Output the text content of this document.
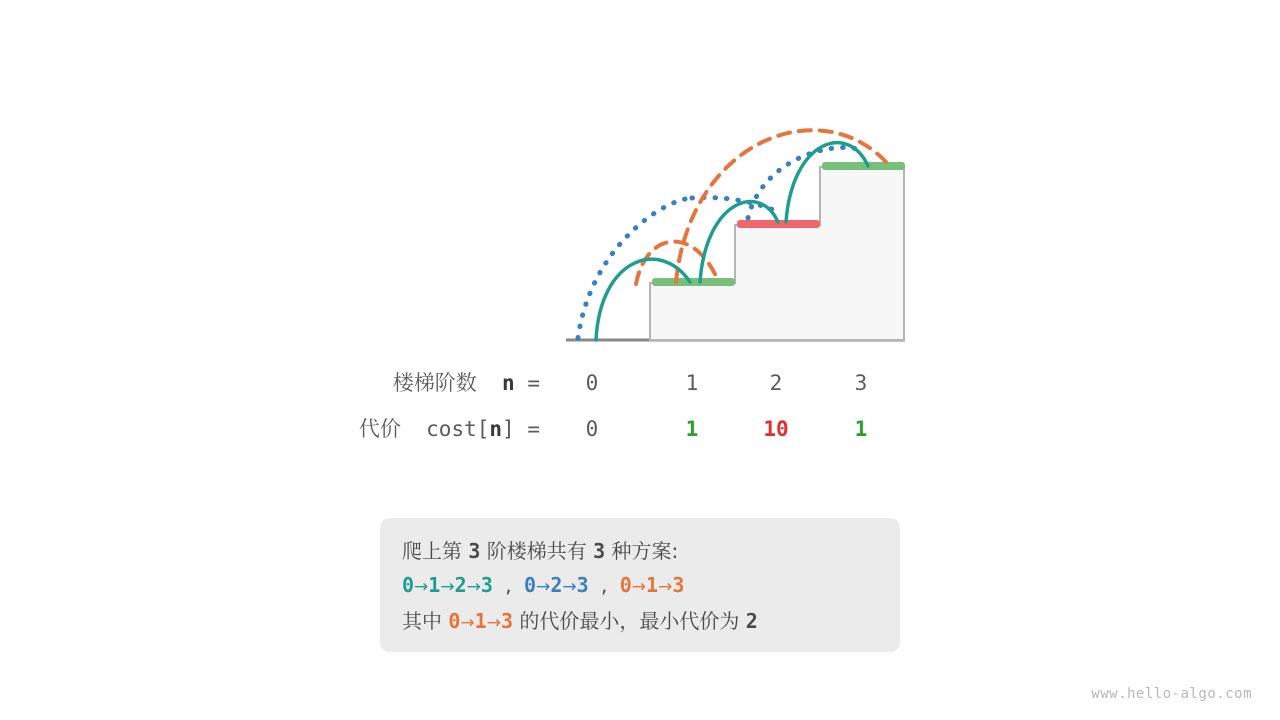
楼梯阶数 n =	0	1	2	3
代价 cost[n] =	0	1	10	1
爬上第 3 阶楼梯共有 3 种方案:
0→1→2→3 , 0→2→3 , 0→1→3
其中 0→1→3 的代价最小，最小代价为 2
www.hello-algo.com
